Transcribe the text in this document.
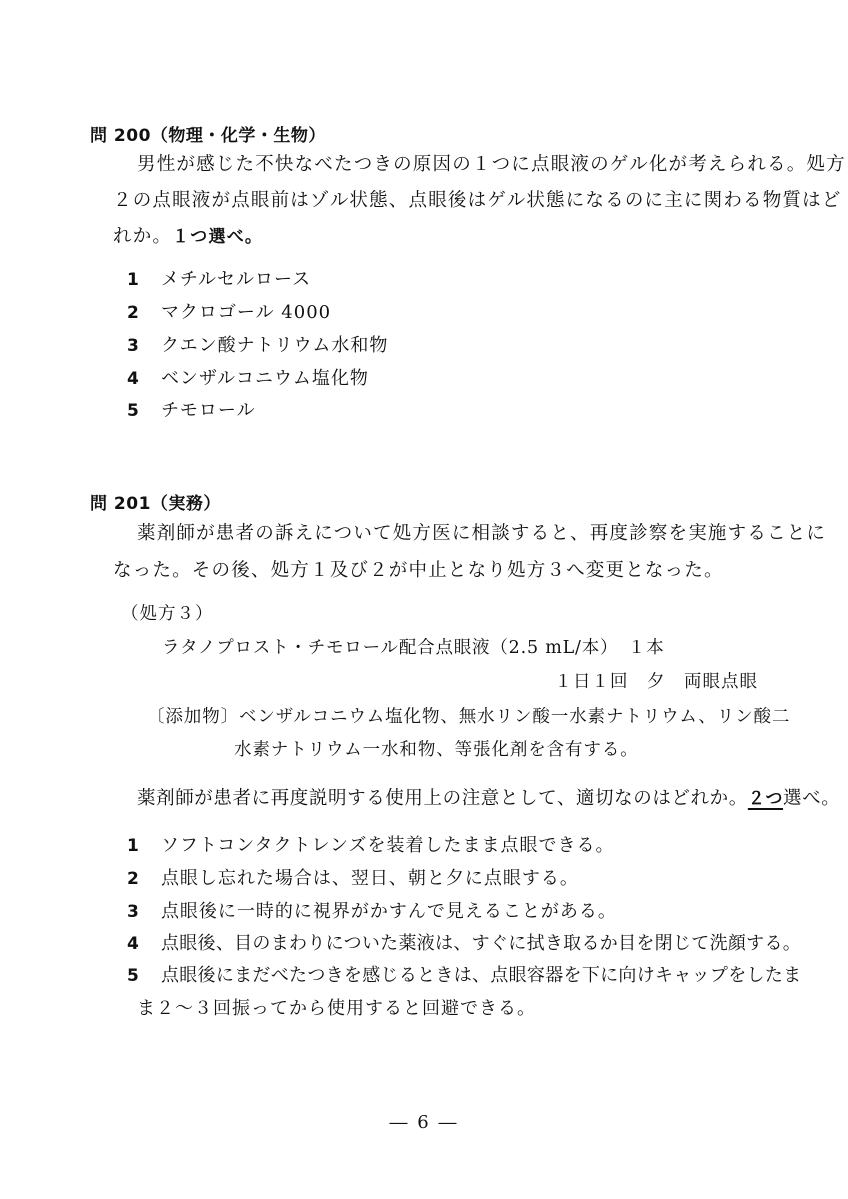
問 200（物理・化学・生物）
男性が感じた不快なべたつきの原因の１つに点眼液のゲル化が考えられる。処方
２の点眼液が点眼前はゾル状態、点眼後はゲル状態になるのに主に関わる物質はど
れか。１つ選べ。
1 メチルセルロース
2 マクロゴール 4000
3 クエン酸ナトリウム水和物
4 ベンザルコニウム塩化物
5 チモロール
問 201（実務）
薬剤師が患者の訴えについて処方医に相談すると、再度診察を実施することに
なった。その後、処方１及び２が中止となり処方３へ変更となった。
（処方３）
ラタノプロスト・チモロール配合点眼液（2.5 mL/本）　１本
１日１回　夕　両眼点眼
〔添加物〕ベンザルコニウム塩化物、無水リン酸一水素ナトリウム、リン酸二
水素ナトリウム一水和物、等張化剤を含有する。
薬剤師が患者に再度説明する使用上の注意として、適切なのはどれか。２つ選べ。
1 ソフトコンタクトレンズを装着したまま点眼できる。
2 点眼し忘れた場合は、翌日、朝と夕に点眼する。
3 点眼後に一時的に視界がかすんで見えることがある。
4 点眼後、目のまわりについた薬液は、すぐに拭き取るか目を閉じて洗顔する。
5 点眼後にまだべたつきを感じるときは、点眼容器を下に向けキャップをしたま
ま２～３回振ってから使用すると回避できる。
― 6 ―
